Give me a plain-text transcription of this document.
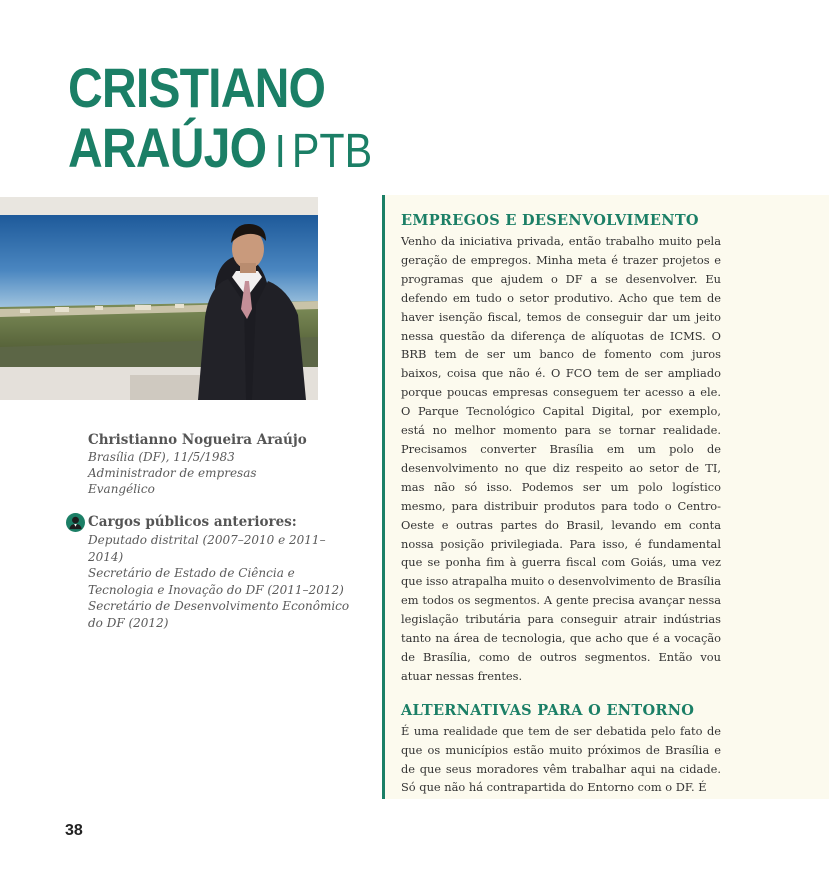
CRISTIANO
ARAÚJO I PTB
Christianno Nogueira Araújo
Brasília (DF), 11/5/1983
Administrador de empresas
Evangélico
Cargos públicos anteriores:
Deputado distrital (2007–2010 e 2011–2014)
Secretário de Estado de Ciência e Tecnologia e Inovação do DF (2011–2012)
Secretário de Desenvolvimento Econômico do DF (2012)
EMPREGOS E DESENVOLVIMENTO

Venho da iniciativa privada, então trabalho muito pela geração de empregos. Minha meta é trazer projetos e programas que ajudem o DF a se desenvolver. Eu defendo em tudo o setor produtivo. Acho que tem de haver isenção fiscal, temos de conseguir dar um jeito nessa questão da diferença de alíquotas de ICMS. O BRB tem de ser um banco de fomento com juros baixos, coisa que não é. O FCO tem de ser ampliado porque poucas empresas conseguem ter acesso a ele. O Parque Tecnológico Capital Digital, por exemplo, está no melhor momento para se tornar realidade. Precisamos converter Brasília em um polo de desenvolvimento no que diz respeito ao setor de TI, mas não só isso. Podemos ser um polo logístico mesmo, para distribuir produtos para todo o Centro-Oeste e outras partes do Brasil, levando em conta nossa posição privilegiada. Para isso, é fundamental que se ponha fim à guerra fiscal com Goiás, uma vez que isso atrapalha muito o desenvolvimento de Brasília em todos os segmentos. A gente precisa avançar nessa legislação tributária para conseguir atrair indústrias tanto na área de tecnologia, que acho que é a vocação de Brasília, como de outros segmentos. Então vou atuar nessas frentes.

ALTERNATIVAS PARA O ENTORNO

É uma realidade que tem de ser debatida pelo fato de que os municípios estão muito próximos de Brasília e de que seus moradores vêm trabalhar aqui na cidade. Só que não há contrapartida do Entorno com o DF. É

38
